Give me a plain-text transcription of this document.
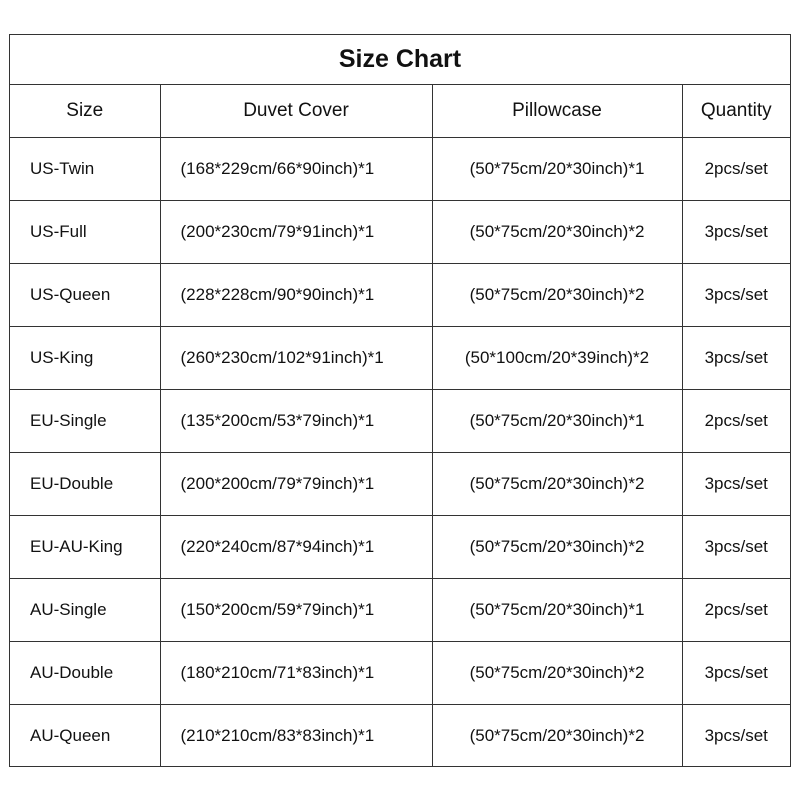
Size Chart
Size	Duvet Cover	Pillowcase	Quantity
US-Twin	(168*229cm/66*90inch)*1	(50*75cm/20*30inch)*1	2pcs/set
US-Full	(200*230cm/79*91inch)*1	(50*75cm/20*30inch)*2	3pcs/set
US-Queen	(228*228cm/90*90inch)*1	(50*75cm/20*30inch)*2	3pcs/set
US-King	(260*230cm/102*91inch)*1	(50*100cm/20*39inch)*2	3pcs/set
EU-Single	(135*200cm/53*79inch)*1	(50*75cm/20*30inch)*1	2pcs/set
EU-Double	(200*200cm/79*79inch)*1	(50*75cm/20*30inch)*2	3pcs/set
EU-AU-King	(220*240cm/87*94inch)*1	(50*75cm/20*30inch)*2	3pcs/set
AU-Single	(150*200cm/59*79inch)*1	(50*75cm/20*30inch)*1	2pcs/set
AU-Double	(180*210cm/71*83inch)*1	(50*75cm/20*30inch)*2	3pcs/set
AU-Queen	(210*210cm/83*83inch)*1	(50*75cm/20*30inch)*2	3pcs/set
